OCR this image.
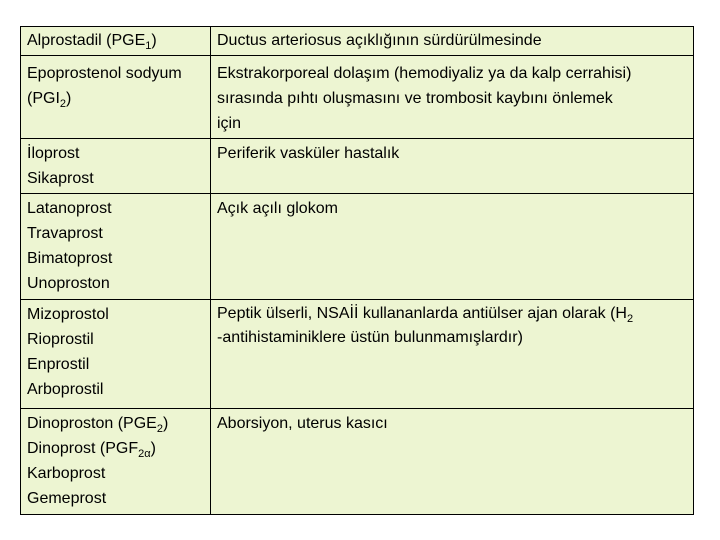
Alprostadil $(PGE_1)$	Ductus arteriosus açıklığının sürdürülmesinde

Epoprostenol sodyum
$(PGI_2)$	Ekstrakorporeal dolaşım (hemodiyaliz ya da kalp cerrahisi)
sırasında pıhtı oluşmasını ve trombosit kaybını önlemek
için

İloprost
Sikaprost	Periferik vasküler hastalık

Latanoprost
Travaprost
Bimatoprost
Unoproston	Açık açılı glokom

Mizoprostol
Rioprostil
Enprostil
Arboprostil	Peptik ülserli, NSAİİ kullananlarda antiülser ajan olarak ($H_2$
-antihistaminiklere üstün bulunmamışlardır)

Dinoproston $(PGE_2)$
Dinoprost $(PGF_{2\alpha})$
Karboprost
Gemeprost	Aborsiyon, uterus kasıcı
